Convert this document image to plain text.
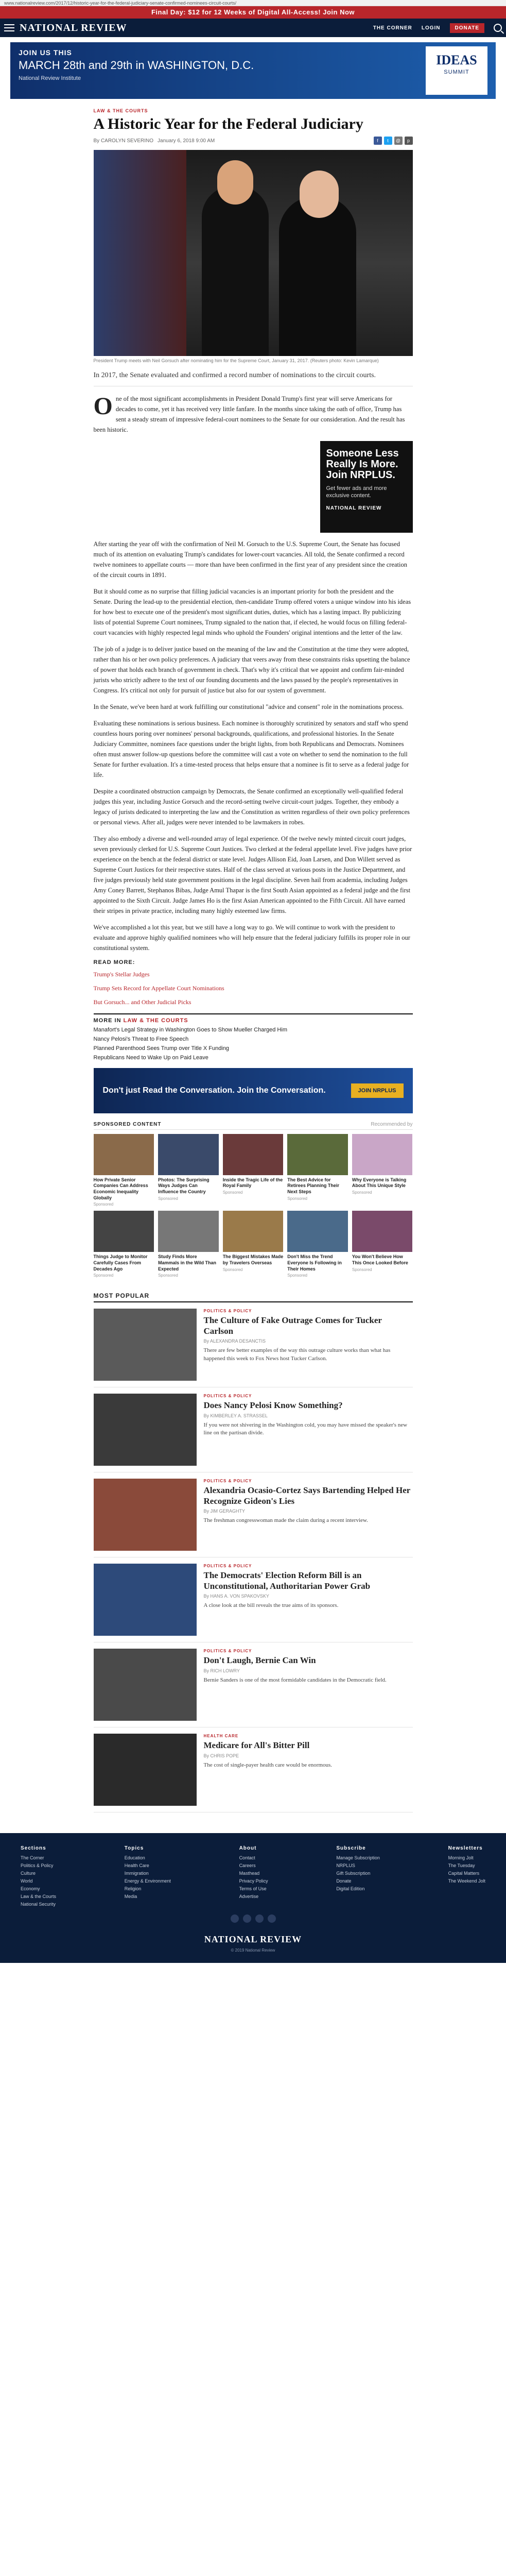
www.nationalreview.com/2017/12/historic-year-for-the-federal-judiciary-senate-confirmed-nominees-circuit-courts/
Final Day: $12 for 12 Weeks of Digital All-Access! Join Now
NATIONAL REVIEW	THE CORNER LOGIN	DONATE
JOIN US THIS
MARCH 28th and 29th in WASHINGTON, D.C.
National Review Institute
IDEAS
SUMMIT
LAW & THE COURTS
A Historic Year for the Federal Judiciary
By CAROLYN SEVERINO January 6, 2018 9:00 AM	f	t	@	p
President Trump meets with Neil Gorsuch after nominating him for the Supreme Court, January 31, 2017. (Reuters photo: Kevin Lamarque)
In 2017, the Senate evaluated and confirmed a record number of nominations to the circuit courts.

One of the most significant accomplishments in President Donald Trump's first year will serve Americans for decades to come, yet it has received very little fanfare. In the months since taking the oath of office, Trump has sent a steady stream of impressive federal-court nominees to the Senate for our consideration. And the result has been historic.

Someone Less Really Is More.
Join NRPLUS.
Get fewer ads and more exclusive content.
NATIONAL REVIEW

After starting the year off with the confirmation of Neil M. Gorsuch to the U.S. Supreme Court, the Senate has focused much of its attention on evaluating Trump's candidates for lower-court vacancies. All told, the Senate confirmed a record twelve nominees to appellate courts — more than have been confirmed in the first year of any president since the creation of the circuit courts in 1891.

But it should come as no surprise that filling judicial vacancies is an important priority for both the president and the Senate. During the lead-up to the presidential election, then-candidate Trump offered voters a unique window into his ideas for how best to execute one of the president's most significant duties, duties, which has a lasting impact. By publicizing lists of potential Supreme Court nominees, Trump signaled to the nation that, if elected, he would focus on filling federal-court vacancies with highly respected legal minds who uphold the Founders' original intentions and the letter of the law.

The job of a judge is to deliver justice based on the meaning of the law and the Constitution at the time they were adopted, rather than his or her own policy preferences. A judiciary that veers away from these constraints risks upsetting the balance of power that holds each branch of government in check. That's why it's critical that we appoint and confirm fair-minded jurists who strictly adhere to the text of our founding documents and the laws passed by the people's representatives in Congress. It's critical not only for pursuit of justice but also for our system of government.

In the Senate, we've been hard at work fulfilling our constitutional "advice and consent" role in the nominations process.

Evaluating these nominations is serious business. Each nominee is thoroughly scrutinized by senators and staff who spend countless hours poring over nominees' personal backgrounds, qualifications, and professional histories. In the Senate Judiciary Committee, nominees face questions under the bright lights, from both Republicans and Democrats. Nominees often must answer follow-up questions before the committee will cast a vote on whether to send the nomination to the full Senate for further evaluation. It's a time-tested process that helps ensure that a nominee is fit to serve as a federal judge for life.

Despite a coordinated obstruction campaign by Democrats, the Senate confirmed an exceptionally well-qualified federal judges this year, including Justice Gorsuch and the record-setting twelve circuit-court judges. Together, they embody a legacy of jurists dedicated to interpreting the law and the Constitution as written regardless of their own policy preferences or personal views. After all, judges were never intended to be lawmakers in robes.

They also embody a diverse and well-rounded array of legal experience. Of the twelve newly minted circuit court judges, seven previously clerked for U.S. Supreme Court Justices. Two clerked at the federal appellate level. Five judges have prior experience on the bench at the federal district or state level. Judges Allison Eid, Joan Larsen, and Don Willett served as Supreme Court Justices for their respective states. Half of the class served at various posts in the Justice Department, and five judges previously held state government positions in the legal discipline. Seven hail from academia, including Judges Amy Coney Barrett, Stephanos Bibas, Judge Amul Thapar is the first South Asian appointed as a federal judge and the first appointed to the Sixth Circuit. Judge James Ho is the first Asian American appointed to the Fifth Circuit. All have earned their stripes in private practice, including many highly esteemed law firms.

We've accomplished a lot this year, but we still have a long way to go. We will continue to work with the president to evaluate and approve highly qualified nominees who will help ensure that the federal judiciary fulfills its proper role in our constitutional system.

READ MORE:
Trump's Stellar Judges
Trump Sets Record for Appellate Court Nominations
But Gorsuch... and Other Judicial Picks
MORE IN LAW & THE COURTS
Manafort's Legal Strategy in Washington Goes to Show Mueller Charged Him
Nancy Pelosi's Threat to Free Speech
Planned Parenthood Sees Trump over Title X Funding
Republicans Need to Wake Up on Paid Leave
Don't just Read the Conversation. Join the Conversation.	JOIN NRPLUS
SPONSORED CONTENT	Recommended by
How Private Senior Companies Can Address Economic Inequality Globally
Sponsored
Photos: The Surprising Ways Judges Can Influence the Country
Sponsored
Inside the Tragic Life of the Royal Family
Sponsored
The Best Advice for Retirees Planning Their Next Steps
Sponsored
Why Everyone is Talking About This Unique Style
Sponsored
Things Judge to Monitor Carefully Cases From Decades Ago
Sponsored
Study Finds More Mammals in the Wild Than Expected
Sponsored
The Biggest Mistakes Made by Travelers Overseas
Sponsored
Don't Miss the Trend Everyone Is Following in Their Homes
Sponsored
You Won't Believe How This Once Looked Before
Sponsored
MOST POPULAR
POLITICS & POLICY
The Culture of Fake Outrage Comes for Tucker Carlson
By ALEXANDRA DESANCTIS
There are few better examples of the way this outrage culture works than what has happened this week to Fox News host Tucker Carlson.
POLITICS & POLICY
Does Nancy Pelosi Know Something?
By KIMBERLEY A. STRASSEL
If you were not shivering in the Washington cold, you may have missed the speaker's new line on the partisan divide.
POLITICS & POLICY
Alexandria Ocasio-Cortez Says Bartending Helped Her Recognize Gideon's Lies
By JIM GERAGHTY
The freshman congresswoman made the claim during a recent interview.
POLITICS & POLICY
The Democrats' Election Reform Bill is an Unconstitutional, Authoritarian Power Grab
By HANS A. VON SPAKOVSKY
A close look at the bill reveals the true aims of its sponsors.
POLITICS & POLICY
Don't Laugh, Bernie Can Win
By RICH LOWRY
Bernie Sanders is one of the most formidable candidates in the Democratic field.
HEALTH CARE
Medicare for All's Bitter Pill
By CHRIS POPE
The cost of single-payer health care would be enormous.
Sections
The Corner
Politics & Policy
Culture
World
Economy
Law & the Courts
National Security
Topics
Education
Health Care
Immigration
Energy & Environment
Religion
Media
About
Contact
Careers
Masthead
Privacy Policy
Terms of Use
Advertise
Subscribe
Manage Subscription
NRPLUS
Gift Subscription
Donate
Digital Edition
Newsletters
Morning Jolt
The Tuesday
Capital Matters
The Weekend Jolt
NATIONAL REVIEW
© 2019 National Review
